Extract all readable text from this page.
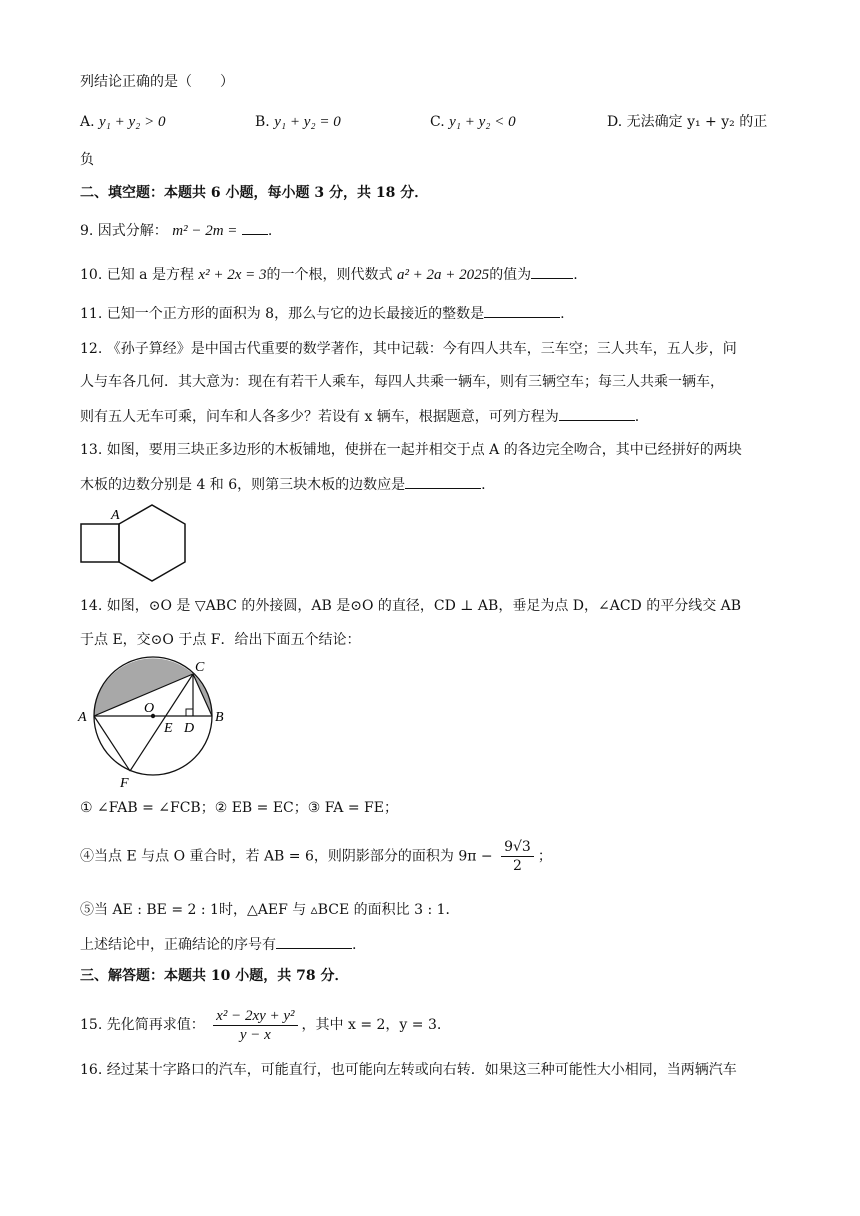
列结论正确的是（　　）
A. y₁ + y₂ > 0	B. y₁ + y₂ = 0	C. y₁ + y₂ < 0	D. 无法确定 y₁ + y₂ 的正
负
二、填空题：本题共 6 小题，每小题 3 分，共 18 分．
9. 因式分解： m² − 2m = .
10. 已知 a 是方程 x² + 2x = 3的一个根，则代数式 a² + 2a + 2025的值为	.
11. 已知一个正方形的面积为 8，那么与它的边长最接近的整数是	.
12. 《孙子算经》是中国古代重要的数学著作，其中记载：今有四人共车，三车空；三人共车，五人步，问
人与车各几何．其大意为：现在有若干人乘车，每四人共乘一辆车，则有三辆空车；每三人共乘一辆车，
则有五人无车可乘，问车和人各多少？若设有 x 辆车，根据题意，可列方程为	.
13. 如图，要用三块正多边形的木板铺地，使拼在一起并相交于点 A 的各边完全吻合，其中已经拼好的两块
木板的边数分别是 4 和 6，则第三块木板的边数应是	.
A
14. 如图，⊙O 是 ▽ABC 的外接圆，AB 是⊙O 的直径，CD ⊥ AB，垂足为点 D，∠ACD 的平分线交 AB
于点 E，交⊙O 于点 F．给出下面五个结论：
C
A
O
B
E D
F
① ∠FAB = ∠FCB；② EB = EC；③ FA = FE；
④当点 E 与点 O 重合时，若 AB = 6，则阴影部分的面积为 $9\pi - \frac{9√3}{2}$ ；
⑤当 AE : BE = 2 : 1时，△AEF 与 ▵BCE 的面积比 3 : 1．
上述结论中，正确结论的序号有	.
三、解答题：本题共 10 小题，共 78 分．
15. 先化简再求值： $\frac{\text{x² − 2xy + y²}}{y - x}$ ，其中 x = 2，y = 3.
16. 经过某十字路口的汽车，可能直行，也可能向左转或向右转．如果这三种可能性大小相同，当两辆汽车
